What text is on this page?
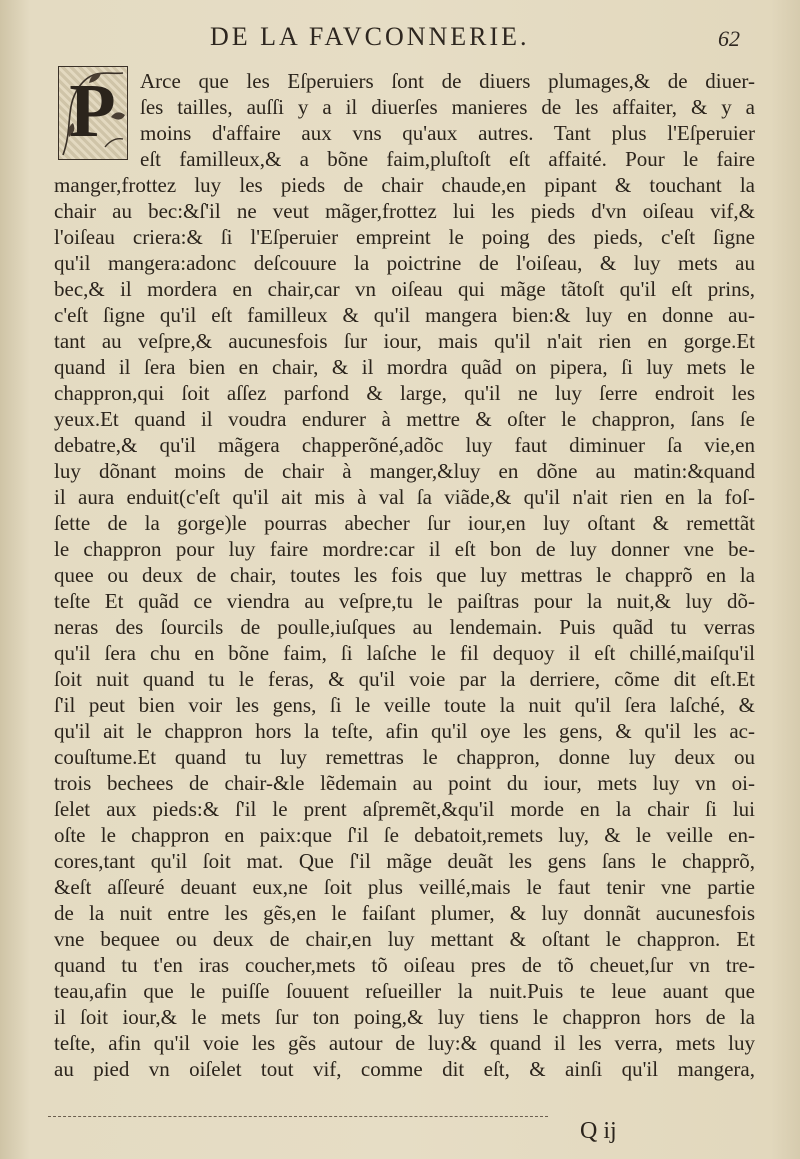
DE LA FAVCONNERIE.	62
P	Arce que les Eſperuiers ſont de diuers plumages,& de diuer-
ſes tailles, auſſi y a il diuerſes manieres de les affaiter, & y a
moins d'affaire aux vns qu'aux autres. Tant plus l'Eſperuier
eſt familleux,& a bõne faim,pluſtoſt eſt affaité. Pour le faire
manger,frottez luy les pieds de chair chaude,en pipant & touchant la
chair au bec:&ſ'il ne veut mãger,frottez lui les pieds d'vn oiſeau vif,&
l'oiſeau criera:& ſi l'Eſperuier empreint le poing des pieds, c'eſt ſigne
qu'il mangera:adonc deſcouure la poictrine de l'oiſeau, & luy mets au
bec,& il mordera en chair,car vn oiſeau qui mãge tãtoſt qu'il eſt prins,
c'eſt ſigne qu'il eſt familleux & qu'il mangera bien:& luy en donne au-
tant au veſpre,& aucunesfois ſur iour, mais qu'il n'ait rien en gorge.Et
quand il ſera bien en chair, & il mordra quãd on pipera, ſi luy mets le
chappron,qui ſoit aſſez parfond & large, qu'il ne luy ſerre endroit les
yeux.Et quand il voudra endurer à mettre & oſter le chappron, ſans ſe
debatre,& qu'il mãgera chapperõné,adõc luy faut diminuer ſa vie,en
luy dõnant moins de chair à manger,&luy en dõne au matin:&quand
il aura enduit(c'eſt qu'il ait mis à val ſa viãde,& qu'il n'ait rien en la foſ-
ſette de la gorge)le pourras abecher ſur iour,en luy oſtant & remettãt
le chappron pour luy faire mordre:car il eſt bon de luy donner vne be-
quee ou deux de chair, toutes les fois que luy mettras le chapprõ en la
teſte Et quãd ce viendra au veſpre,tu le paiſtras pour la nuit,& luy dõ-
neras des ſourcils de poulle,iuſques au lendemain. Puis quãd tu verras
qu'il ſera chu en bõne faim, ſi laſche le fil dequoy il eſt chillé,maiſqu'il
ſoit nuit quand tu le feras, & qu'il voie par la derriere, cõme dit eſt.Et
ſ'il peut bien voir les gens, ſi le veille toute la nuit qu'il ſera laſché, &
qu'il ait le chappron hors la teſte, afin qu'il oye les gens, & qu'il les ac-
couſtume.Et quand tu luy remettras le chappron, donne luy deux ou
trois bechees de chair-&le lẽdemain au point du iour, mets luy vn oi-
ſelet aux pieds:& ſ'il le prent aſpremẽt,&qu'il morde en la chair ſi lui
oſte le chappron en paix:que ſ'il ſe debatoit,remets luy, & le veille en-
cores,tant qu'il ſoit mat. Que ſ'il mãge deuãt les gens ſans le chapprõ,
&eſt aſſeuré deuant eux,ne ſoit plus veillé,mais le faut tenir vne partie
de la nuit entre les gẽs,en le faiſant plumer, & luy donnãt aucunesfois
vne bequee ou deux de chair,en luy mettant & oſtant le chappron. Et
quand tu t'en iras coucher,mets tõ oiſeau pres de tõ cheuet,ſur vn tre-
teau,afin que le puiſſe ſouuent reſueiller la nuit.Puis te leue auant que
il ſoit iour,& le mets ſur ton poing,& luy tiens le chappron hors de la
teſte, afin qu'il voie les gẽs autour de luy:& quand il les verra, mets luy
au pied vn oiſelet tout vif, comme dit eſt, & ainſi qu'il mangera,
Q ij
